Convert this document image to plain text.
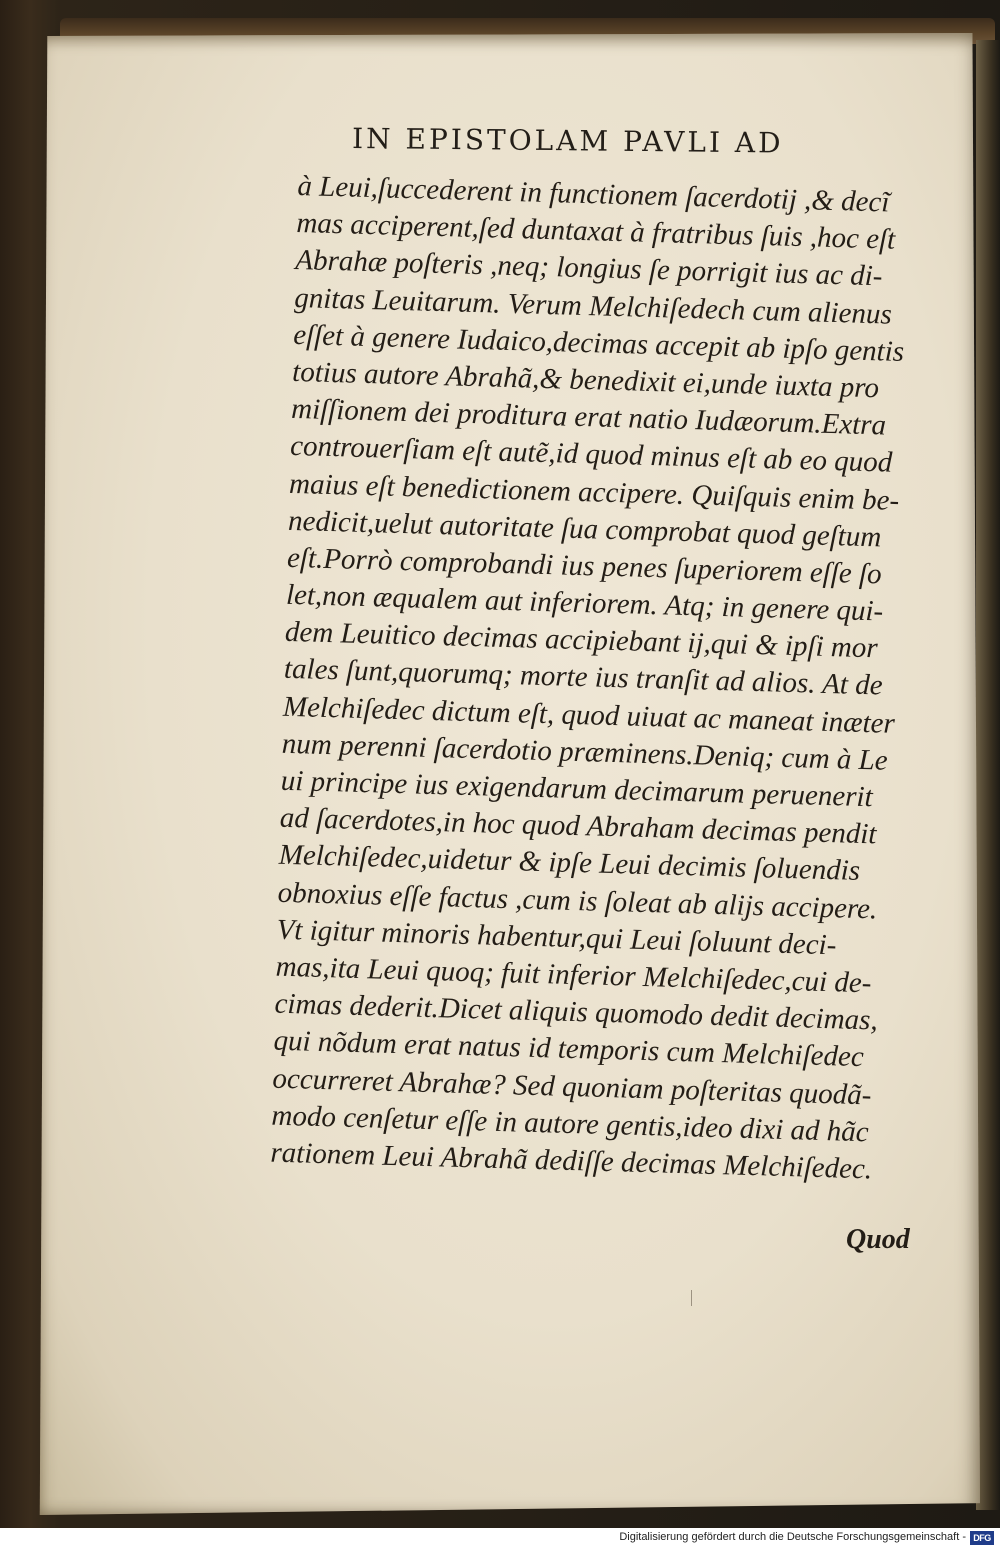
IN EPISTOLAM PAVLI AD
à Leui,ſuccederent in functionem ſacerdotij ,& decĩ
mas acciperent,ſed duntaxat à fratribus ſuis ,hoc eſt
Abrahæ poſteris ,neq; longius ſe porrigit ius ac di-
gnitas Leuitarum. Verum Melchiſedech cum alienus
eſſet à genere Iudaico,decimas accepit ab ipſo gentis
totius autore Abrahã,& benedixit ei,unde iuxta pro
miſſionem dei proditura erat natio Iudæorum.Extra
controuerſiam eſt autẽ,id quod minus eſt ab eo quod
maius eſt benedictionem accipere. Quiſquis enim be-
nedicit,uelut autoritate ſua comprobat quod geſtum
eſt.Porrò comprobandi ius penes ſuperiorem eſſe ſo
let,non æqualem aut inferiorem. Atq; in genere qui-
dem Leuitico decimas accipiebant ij,qui & ipſi mor
tales ſunt,quorumq; morte ius tranſit ad alios. At de
Melchiſedec dictum eſt, quod uiuat ac maneat inæter
num perenni ſacerdotio præminens.Deniq; cum à Le
ui principe ius exigendarum decimarum peruenerit
ad ſacerdotes,in hoc quod Abraham decimas pendit
Melchiſedec,uidetur & ipſe Leui decimis ſoluendis
obnoxius eſſe factus ,cum is ſoleat ab alijs accipere.
Vt igitur minoris habentur,qui Leui ſoluunt deci-
mas,ita Leui quoq; fuit inferior Melchiſedec,cui de-
cimas dederit.Dicet aliquis quomodo dedit decimas,
qui nõdum erat natus id temporis cum Melchiſedec
occurreret Abrahæ? Sed quoniam poſteritas quodã-
modo cenſetur eſſe in autore gentis,ideo dixi ad hãc
rationem Leui Abrahã dediſſe decimas Melchiſedec.
Quod
Digitalisierung gefördert durch die Deutsche Forschungsgemeinschaft - DFG
